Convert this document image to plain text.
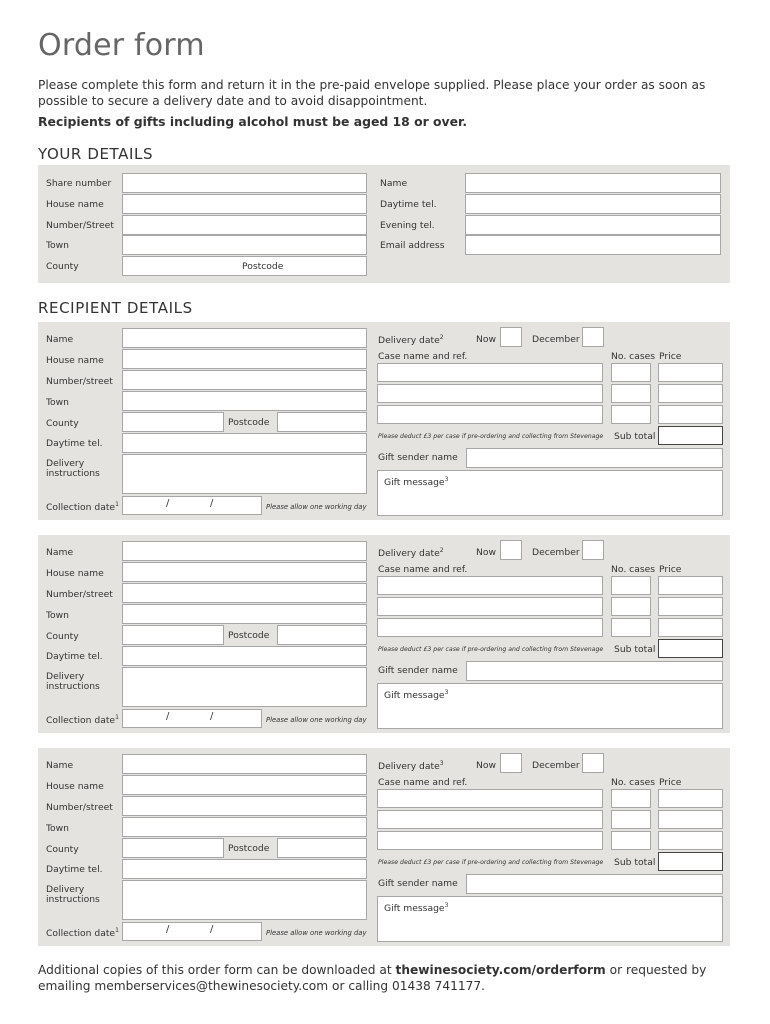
Order form
Please complete this form and return it in the pre-paid envelope supplied. Please place your order as soon as possible to secure a delivery date and to avoid disappointment.
Recipients of gifts including alcohol must be aged 18 or over.
YOUR DETAILS
Share number
House name
Number/Street
Town
County	Postcode
Name
Daytime tel.
Evening tel.
Email address
RECIPIENT DETAILS
Name
House name
Number/street
Town
County	Postcode
Daytime tel.
Delivery instructions
Collection date$^1$	/	/	Please allow one working day
Delivery date$^2$	Now	December
Case name and ref.	No. cases Price
Please deduct £3 per case if pre-ordering and collecting from Stevenage Sub total
Gift sender name
Gift message$^3$
Name
House name
Number/street
Town
County	Postcode
Daytime tel.
Delivery instructions
Collection date$^1$	/	/	Please allow one working day
Delivery date$^2$	Now	December
Case name and ref.	No. cases Price
Please deduct £3 per case if pre-ordering and collecting from Stevenage Sub total
Gift sender name
Gift message$^3$
Name
House name
Number/street
Town
County	Postcode
Daytime tel.
Delivery instructions
Collection date$^1$	/	/	Please allow one working day
Delivery date$^3$	Now	December
Case name and ref.	No. cases Price
Please deduct £3 per case if pre-ordering and collecting from Stevenage Sub total
Gift sender name
Gift message$^3$
Additional copies of this order form can be downloaded at thewinesociety.com/orderform or requested by emailing memberservices@thewinesociety.com or calling 01438 741177.
